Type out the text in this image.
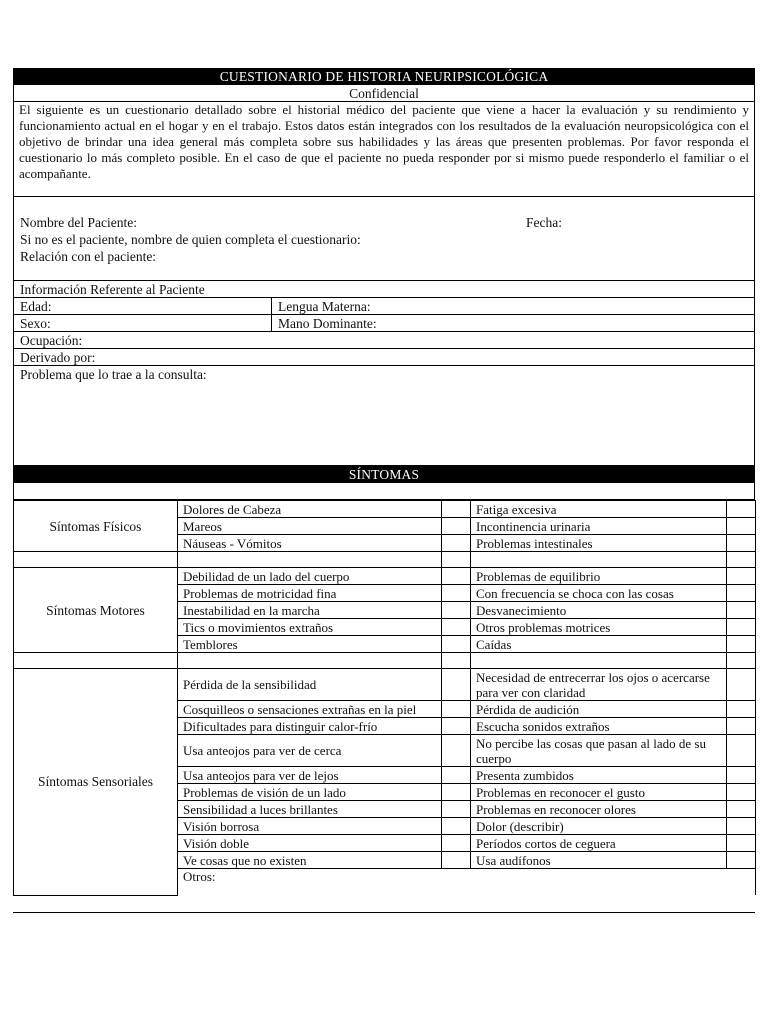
CUESTIONARIO DE HISTORIA NEURIPSICOLÓGICA
Confidencial
El siguiente es un cuestionario detallado sobre el historial médico del paciente que viene a hacer la evaluación y su rendimiento y funcionamiento actual en el hogar y en el trabajo. Estos datos están integrados con los resultados de la evaluación neuropsicológica con el objetivo de brindar una idea general más completa sobre sus habilidades y las áreas que presenten problemas. Por favor responda el cuestionario lo más completo posible. En el caso de que el paciente no pueda responder por si mismo puede responderlo el familiar o el acompañante.
Nombre del Paciente:	Fecha:
Si no es el paciente, nombre de quien completa el cuestionario:
Relación con el paciente:
Información Referente al Paciente
Edad:	Lengua Materna:
Sexo:	Mano Dominante:
Ocupación:
Derivado por:
Problema que lo trae a la consulta:
SÍNTOMAS
Síntomas Físicos	Dolores de Cabeza		Fatiga excesiva	
	Mareos		Incontinencia urinaria	
	Náuseas - Vómitos		Problemas intestinales	

Síntomas Motores	Debilidad de un lado del cuerpo		Problemas de equilibrio	
	Problemas de motricidad fina		Con frecuencia se choca con las cosas	
	Inestabilidad en la marcha		Desvanecimiento	
	Tics o movimientos extraños		Otros problemas motrices	
	Temblores		Caídas	

Síntomas Sensoriales	Pérdida de la sensibilidad		Necesidad de entrecerrar los ojos o acercarse para ver con claridad	
	Cosquilleos o sensaciones extrañas en la piel		Pérdida de audición	
	Dificultades para distinguir calor-frío		Escucha sonidos extraños	
	Usa anteojos para ver de cerca		No percibe las cosas que pasan al lado de su cuerpo	
	Usa anteojos para ver de lejos		Presenta zumbidos	
	Problemas de visión de un lado		Problemas en reconocer el gusto	
	Sensibilidad a luces brillantes		Problemas en reconocer olores	
	Visión borrosa		Dolor (describir)	
	Visión doble		Períodos cortos de ceguera	
	Ve cosas que no existen		Usa audífonos	
	Otros:			
